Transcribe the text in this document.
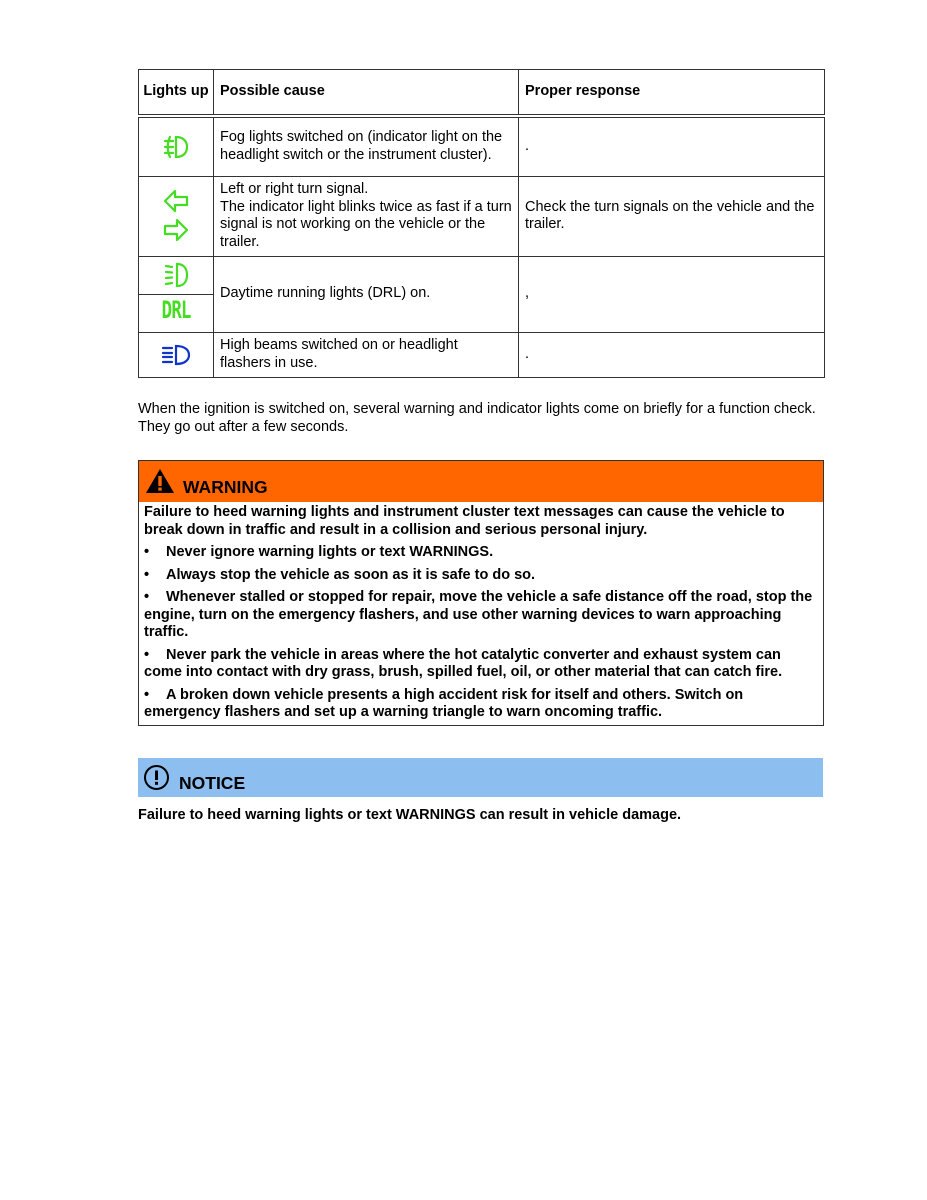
Lights up	Possible cause	Proper response

	Fog lights switched on (indicator light on the headlight switch or the instrument cluster).	.

Left or right turn signal.
The indicator light blinks twice as fast if a turn signal is not working on the vehicle or the trailer.	Check the turn signals on the vehicle and the trailer.

	Daytime running lights (DRL) on.	,
DRL		

	High beams switched on or headlight flashers in use.	.
When the ignition is switched on, several warning and indicator lights come on briefly for a function check. They go out after a few seconds.
WARNING

Failure to heed warning lights and instrument cluster text messages can cause the vehicle to break down in traffic and result in a collision and serious personal injury.

• Never ignore warning lights or text WARNINGS.

• Always stop the vehicle as soon as it is safe to do so.

• Whenever stalled or stopped for repair, move the vehicle a safe distance off the road, stop the engine, turn on the emergency flashers, and use other warning devices to warn approaching traffic.

• Never park the vehicle in areas where the hot catalytic converter and exhaust system can come into contact with dry grass, brush, spilled fuel, oil, or other material that can catch fire.

• A broken down vehicle presents a high accident risk for itself and others. Switch on emergency flashers and set up a warning triangle to warn oncoming traffic.

NOTICE
Failure to heed warning lights or text WARNINGS can result in vehicle damage.
